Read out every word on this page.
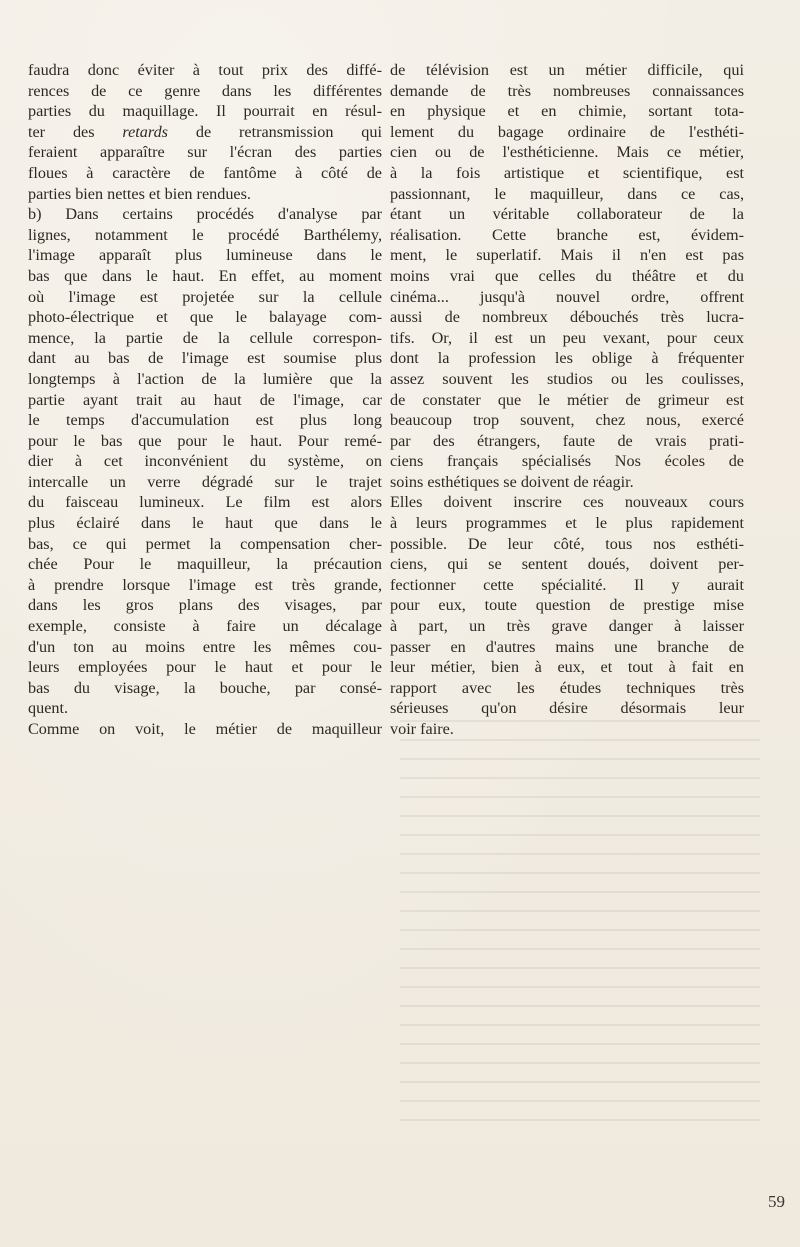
faudra donc éviter à tout prix des diffé-
rences de ce genre dans les différentes
parties du maquillage. Il pourrait en résul-
ter des retards de retransmission qui
feraient apparaître sur l'écran des parties
floues à caractère de fantôme à côté de
parties bien nettes et bien rendues.
b) Dans certains procédés d'analyse par
lignes, notamment le procédé Barthélemy,
l'image apparaît plus lumineuse dans le
bas que dans le haut. En effet, au moment
où l'image est projetée sur la cellule
photo-électrique et que le balayage com-
mence, la partie de la cellule correspon-
dant au bas de l'image est soumise plus
longtemps à l'action de la lumière que la
partie ayant trait au haut de l'image, car
le temps d'accumulation est plus long
pour le bas que pour le haut. Pour remé-
dier à cet inconvénient du système, on
intercalle un verre dégradé sur le trajet
du faisceau lumineux. Le film est alors
plus éclairé dans le haut que dans le
bas, ce qui permet la compensation cher-
chée Pour le maquilleur, la précaution
à prendre lorsque l'image est très grande,
dans les gros plans des visages, par
exemple, consiste à faire un décalage
d'un ton au moins entre les mêmes cou-
leurs employées pour le haut et pour le
bas du visage, la bouche, par consé-
quent.
Comme on voit, le métier de maquilleur
de télévision est un métier difficile, qui
demande de très nombreuses connaissances
en physique et en chimie, sortant tota-
lement du bagage ordinaire de l'esthéti-
cien ou de l'esthéticienne. Mais ce métier,
à la fois artistique et scientifique, est
passionnant, le maquilleur, dans ce cas,
étant un véritable collaborateur de la
réalisation. Cette branche est, évidem-
ment, le superlatif. Mais il n'en est pas
moins vrai que celles du théâtre et du
cinéma... jusqu'à nouvel ordre, offrent
aussi de nombreux débouchés très lucra-
tifs. Or, il est un peu vexant, pour ceux
dont la profession les oblige à fréquenter
assez souvent les studios ou les coulisses,
de constater que le métier de grimeur est
beaucoup trop souvent, chez nous, exercé
par des étrangers, faute de vrais prati-
ciens français spécialisés Nos écoles de
soins esthétiques se doivent de réagir.
Elles doivent inscrire ces nouveaux cours
à leurs programmes et le plus rapidement
possible. De leur côté, tous nos esthéti-
ciens, qui se sentent doués, doivent per-
fectionner cette spécialité. Il y aurait
pour eux, toute question de prestige mise
à part, un très grave danger à laisser
passer en d'autres mains une branche de
leur métier, bien à eux, et tout à fait en
rapport avec les études techniques très
sérieuses qu'on désire désormais leur
voir faire.
59
